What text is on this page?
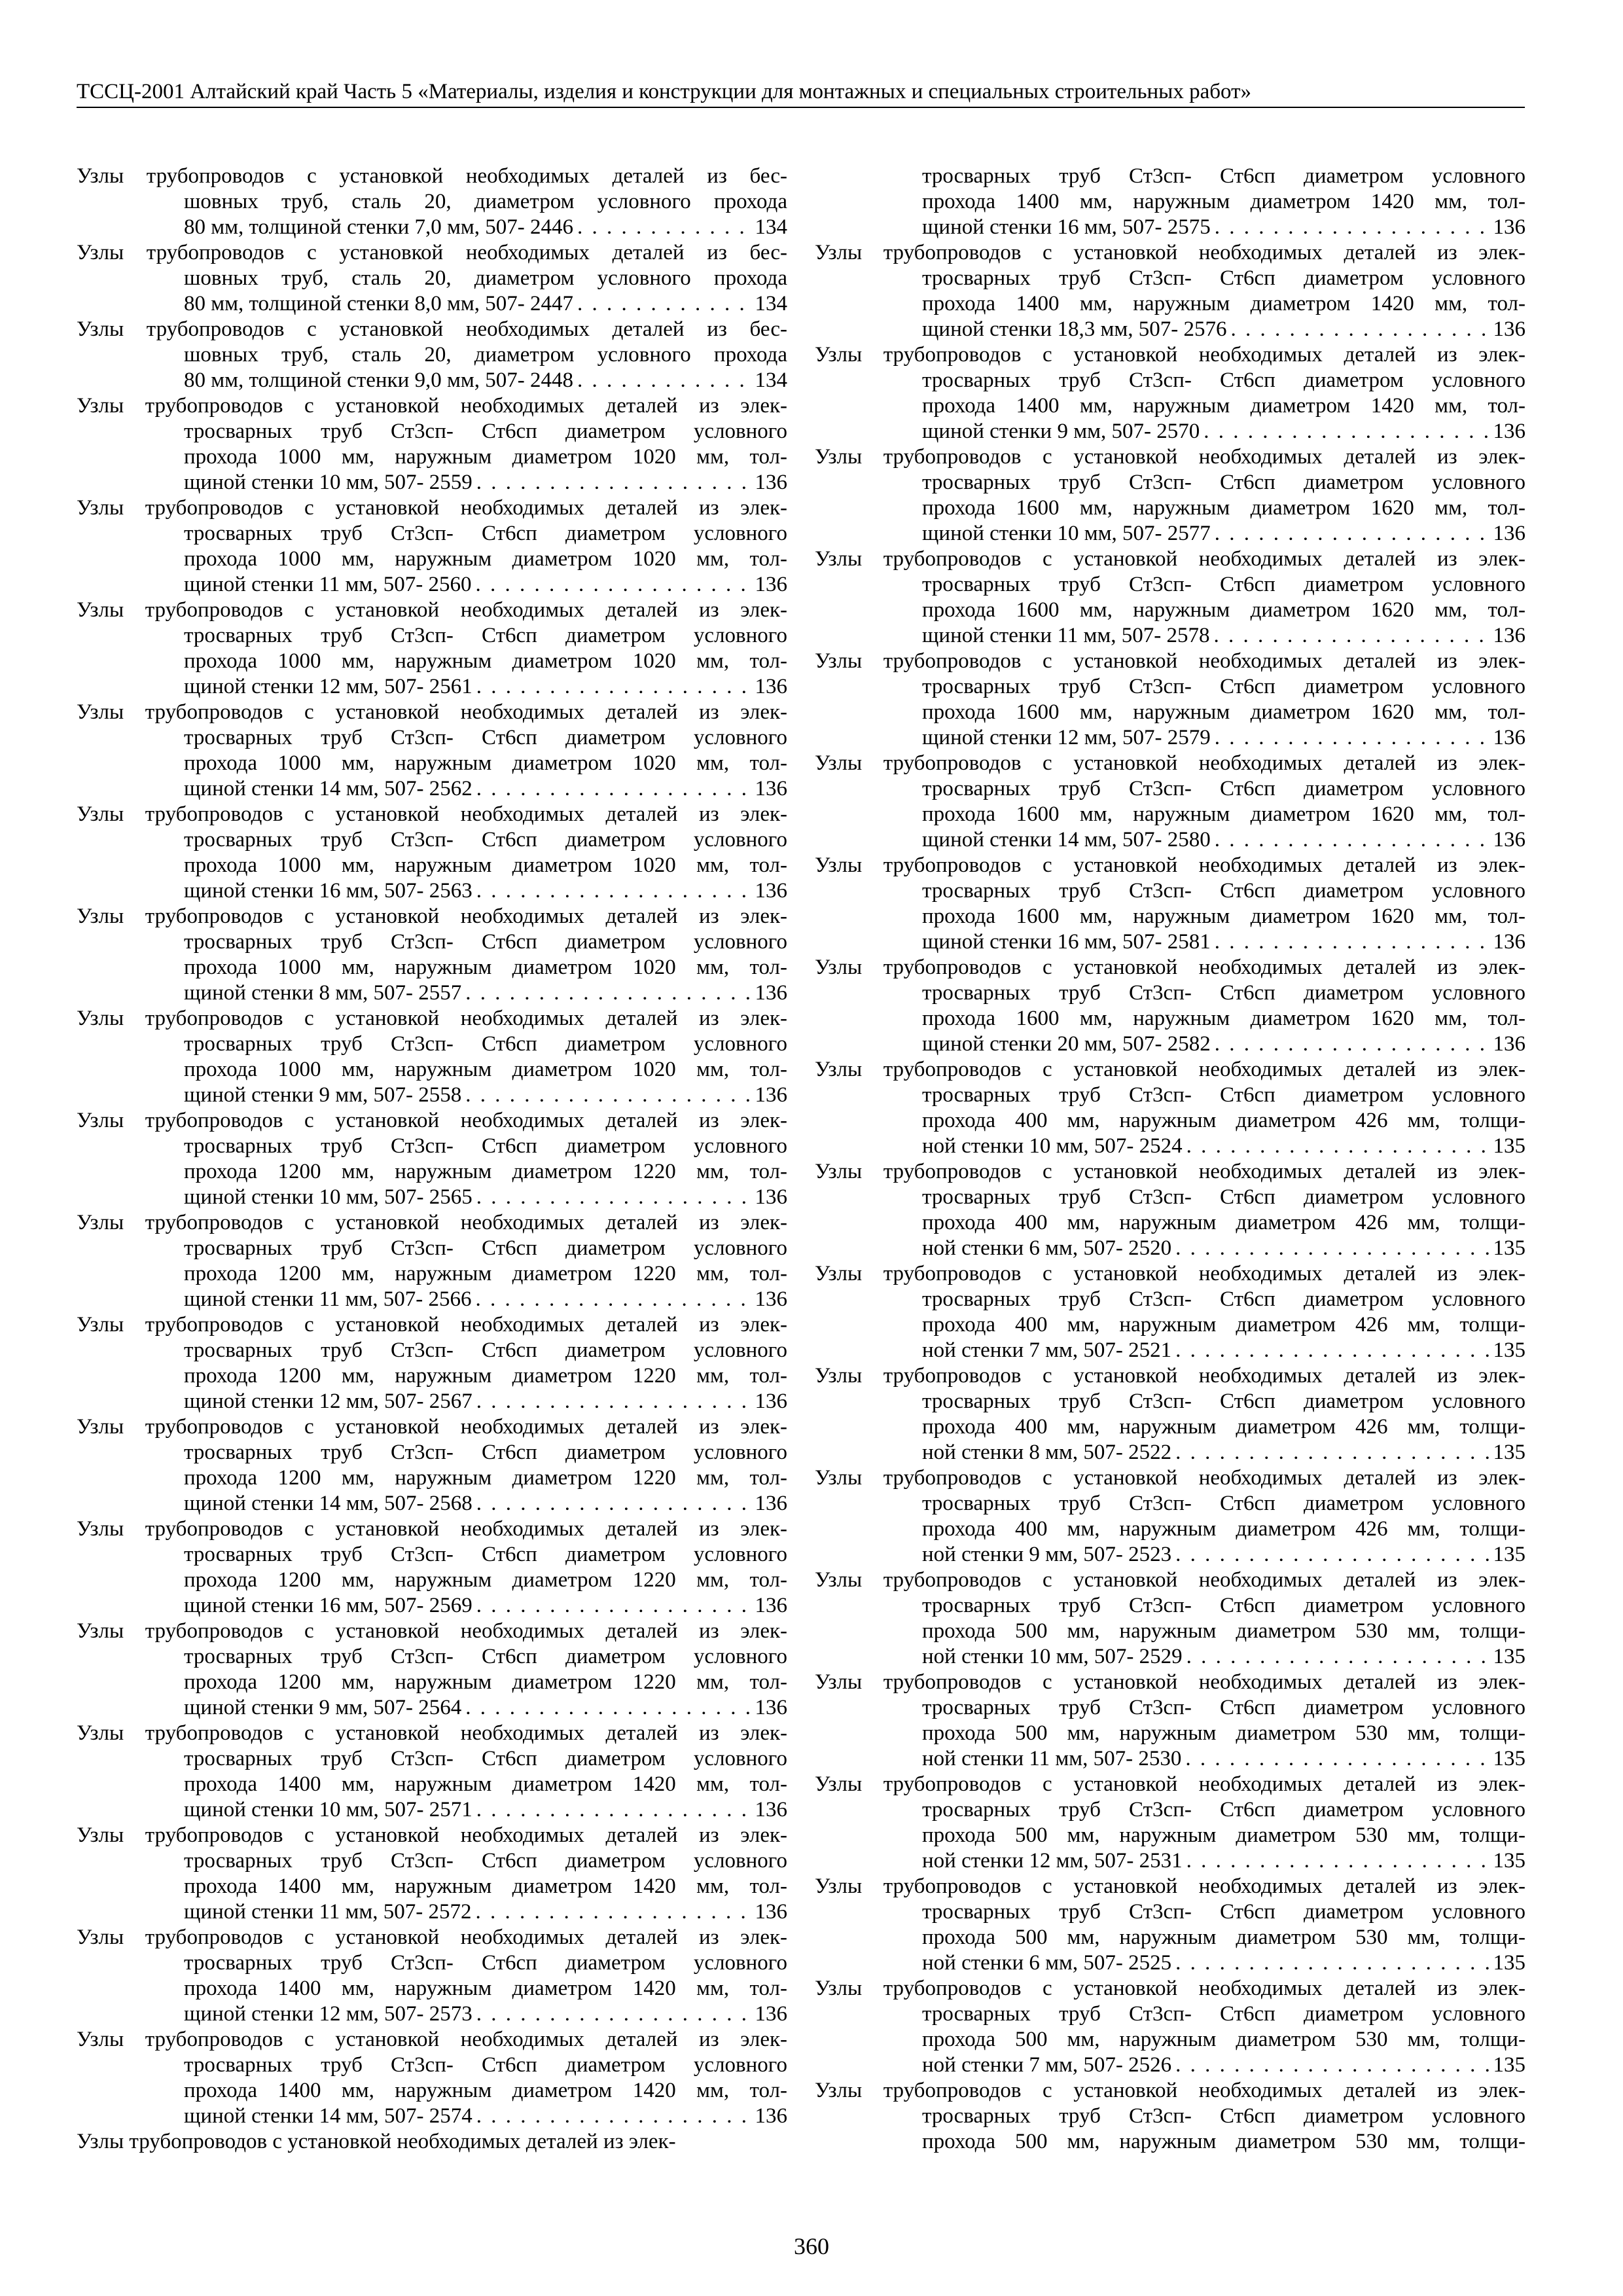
ТССЦ-2001 Алтайский край Часть 5 «Материалы, изделия и конструкции для монтажных и специальных строительных работ»
Узлы трубопроводов с установкой необходимых деталей из бес-
шовных труб, сталь 20, диаметром условного прохода
80 мм, толщиной стенки 7,0 мм, 507- 2446 . . .	134
Узлы трубопроводов с установкой необходимых деталей из бес-
шовных труб, сталь 20, диаметром условного прохода
80 мм, толщиной стенки 8,0 мм, 507- 2447 . . .	134
Узлы трубопроводов с установкой необходимых деталей из бес-
шовных труб, сталь 20, диаметром условного прохода
80 мм, толщиной стенки 9,0 мм, 507- 2448 . . .	134
Узлы трубопроводов с установкой необходимых деталей из элек-
тросварных труб Ст3сп- Ст6сп диаметром условного
прохода 1000 мм, наружным диаметром 1020 мм, тол-
щиной стенки 10 мм, 507- 2559 . . .	136
Узлы трубопроводов с установкой необходимых деталей из элек-
тросварных труб Ст3сп- Ст6сп диаметром условного
прохода 1000 мм, наружным диаметром 1020 мм, тол-
щиной стенки 11 мм, 507- 2560 . . .	136
Узлы трубопроводов с установкой необходимых деталей из элек-
тросварных труб Ст3сп- Ст6сп диаметром условного
прохода 1000 мм, наружным диаметром 1020 мм, тол-
щиной стенки 12 мм, 507- 2561 . . .	136
Узлы трубопроводов с установкой необходимых деталей из элек-
тросварных труб Ст3сп- Ст6сп диаметром условного
прохода 1000 мм, наружным диаметром 1020 мм, тол-
щиной стенки 14 мм, 507- 2562 . . .	136
Узлы трубопроводов с установкой необходимых деталей из элек-
тросварных труб Ст3сп- Ст6сп диаметром условного
прохода 1000 мм, наружным диаметром 1020 мм, тол-
щиной стенки 16 мм, 507- 2563 . . .	136
Узлы трубопроводов с установкой необходимых деталей из элек-
тросварных труб Ст3сп- Ст6сп диаметром условного
прохода 1000 мм, наружным диаметром 1020 мм, тол-
щиной стенки 8 мм, 507- 2557 . . .	136
Узлы трубопроводов с установкой необходимых деталей из элек-
тросварных труб Ст3сп- Ст6сп диаметром условного
прохода 1000 мм, наружным диаметром 1020 мм, тол-
щиной стенки 9 мм, 507- 2558 . . .	136
Узлы трубопроводов с установкой необходимых деталей из элек-
тросварных труб Ст3сп- Ст6сп диаметром условного
прохода 1200 мм, наружным диаметром 1220 мм, тол-
щиной стенки 10 мм, 507- 2565 . . .	136
Узлы трубопроводов с установкой необходимых деталей из элек-
тросварных труб Ст3сп- Ст6сп диаметром условного
прохода 1200 мм, наружным диаметром 1220 мм, тол-
щиной стенки 11 мм, 507- 2566 . . .	136
Узлы трубопроводов с установкой необходимых деталей из элек-
тросварных труб Ст3сп- Ст6сп диаметром условного
прохода 1200 мм, наружным диаметром 1220 мм, тол-
щиной стенки 12 мм, 507- 2567 . . .	136
Узлы трубопроводов с установкой необходимых деталей из элек-
тросварных труб Ст3сп- Ст6сп диаметром условного
прохода 1200 мм, наружным диаметром 1220 мм, тол-
щиной стенки 14 мм, 507- 2568 . . .	136
Узлы трубопроводов с установкой необходимых деталей из элек-
тросварных труб Ст3сп- Ст6сп диаметром условного
прохода 1200 мм, наружным диаметром 1220 мм, тол-
щиной стенки 16 мм, 507- 2569 . . .	136
Узлы трубопроводов с установкой необходимых деталей из элек-
тросварных труб Ст3сп- Ст6сп диаметром условного
прохода 1200 мм, наружным диаметром 1220 мм, тол-
щиной стенки 9 мм, 507- 2564 . . .	136
Узлы трубопроводов с установкой необходимых деталей из элек-
тросварных труб Ст3сп- Ст6сп диаметром условного
прохода 1400 мм, наружным диаметром 1420 мм, тол-
щиной стенки 10 мм, 507- 2571 . . .	136
Узлы трубопроводов с установкой необходимых деталей из элек-
тросварных труб Ст3сп- Ст6сп диаметром условного
прохода 1400 мм, наружным диаметром 1420 мм, тол-
щиной стенки 11 мм, 507- 2572 . . .	136
Узлы трубопроводов с установкой необходимых деталей из элек-
тросварных труб Ст3сп- Ст6сп диаметром условного
прохода 1400 мм, наружным диаметром 1420 мм, тол-
щиной стенки 12 мм, 507- 2573 . . .	136
Узлы трубопроводов с установкой необходимых деталей из элек-
тросварных труб Ст3сп- Ст6сп диаметром условного
прохода 1400 мм, наружным диаметром 1420 мм, тол-
щиной стенки 14 мм, 507- 2574 . . .	136
Узлы трубопроводов с установкой необходимых деталей из элек-
тросварных труб Ст3сп- Ст6сп диаметром условного
прохода 1400 мм, наружным диаметром 1420 мм, тол-
щиной стенки 16 мм, 507- 2575 . . .	136
Узлы трубопроводов с установкой необходимых деталей из элек-
тросварных труб Ст3сп- Ст6сп диаметром условного
прохода 1400 мм, наружным диаметром 1420 мм, тол-
щиной стенки 18,3 мм, 507- 2576 . . .	136
Узлы трубопроводов с установкой необходимых деталей из элек-
тросварных труб Ст3сп- Ст6сп диаметром условного
прохода 1400 мм, наружным диаметром 1420 мм, тол-
щиной стенки 9 мм, 507- 2570 . . .	136
Узлы трубопроводов с установкой необходимых деталей из элек-
тросварных труб Ст3сп- Ст6сп диаметром условного
прохода 1600 мм, наружным диаметром 1620 мм, тол-
щиной стенки 10 мм, 507- 2577 . . .	136
Узлы трубопроводов с установкой необходимых деталей из элек-
тросварных труб Ст3сп- Ст6сп диаметром условного
прохода 1600 мм, наружным диаметром 1620 мм, тол-
щиной стенки 11 мм, 507- 2578 . . .	136
Узлы трубопроводов с установкой необходимых деталей из элек-
тросварных труб Ст3сп- Ст6сп диаметром условного
прохода 1600 мм, наружным диаметром 1620 мм, тол-
щиной стенки 12 мм, 507- 2579 . . .	136
Узлы трубопроводов с установкой необходимых деталей из элек-
тросварных труб Ст3сп- Ст6сп диаметром условного
прохода 1600 мм, наружным диаметром 1620 мм, тол-
щиной стенки 14 мм, 507- 2580 . . .	136
Узлы трубопроводов с установкой необходимых деталей из элек-
тросварных труб Ст3сп- Ст6сп диаметром условного
прохода 1600 мм, наружным диаметром 1620 мм, тол-
щиной стенки 16 мм, 507- 2581 . . .	136
Узлы трубопроводов с установкой необходимых деталей из элек-
тросварных труб Ст3сп- Ст6сп диаметром условного
прохода 1600 мм, наружным диаметром 1620 мм, тол-
щиной стенки 20 мм, 507- 2582 . . .	136
Узлы трубопроводов с установкой необходимых деталей из элек-
тросварных труб Ст3сп- Ст6сп диаметром условного
прохода 400 мм, наружным диаметром 426 мм, толщи-
ной стенки 10 мм, 507- 2524 . . .	135
Узлы трубопроводов с установкой необходимых деталей из элек-
тросварных труб Ст3сп- Ст6сп диаметром условного
прохода 400 мм, наружным диаметром 426 мм, толщи-
ной стенки 6 мм, 507- 2520 . . .	135
Узлы трубопроводов с установкой необходимых деталей из элек-
тросварных труб Ст3сп- Ст6сп диаметром условного
прохода 400 мм, наружным диаметром 426 мм, толщи-
ной стенки 7 мм, 507- 2521 . . .	135
Узлы трубопроводов с установкой необходимых деталей из элек-
тросварных труб Ст3сп- Ст6сп диаметром условного
прохода 400 мм, наружным диаметром 426 мм, толщи-
ной стенки 8 мм, 507- 2522 . . .	135
Узлы трубопроводов с установкой необходимых деталей из элек-
тросварных труб Ст3сп- Ст6сп диаметром условного
прохода 400 мм, наружным диаметром 426 мм, толщи-
ной стенки 9 мм, 507- 2523 . . .	135
Узлы трубопроводов с установкой необходимых деталей из элек-
тросварных труб Ст3сп- Ст6сп диаметром условного
прохода 500 мм, наружным диаметром 530 мм, толщи-
ной стенки 10 мм, 507- 2529 . . .	135
Узлы трубопроводов с установкой необходимых деталей из элек-
тросварных труб Ст3сп- Ст6сп диаметром условного
прохода 500 мм, наружным диаметром 530 мм, толщи-
ной стенки 11 мм, 507- 2530 . . .	135
Узлы трубопроводов с установкой необходимых деталей из элек-
тросварных труб Ст3сп- Ст6сп диаметром условного
прохода 500 мм, наружным диаметром 530 мм, толщи-
ной стенки 12 мм, 507- 2531 . . .	135
Узлы трубопроводов с установкой необходимых деталей из элек-
тросварных труб Ст3сп- Ст6сп диаметром условного
прохода 500 мм, наружным диаметром 530 мм, толщи-
ной стенки 6 мм, 507- 2525 . . .	135
Узлы трубопроводов с установкой необходимых деталей из элек-
тросварных труб Ст3сп- Ст6сп диаметром условного
прохода 500 мм, наружным диаметром 530 мм, толщи-
ной стенки 7 мм, 507- 2526 . . .	135
Узлы трубопроводов с установкой необходимых деталей из элек-
тросварных труб Ст3сп- Ст6сп диаметром условного
прохода 500 мм, наружным диаметром 530 мм, толщи-
360
